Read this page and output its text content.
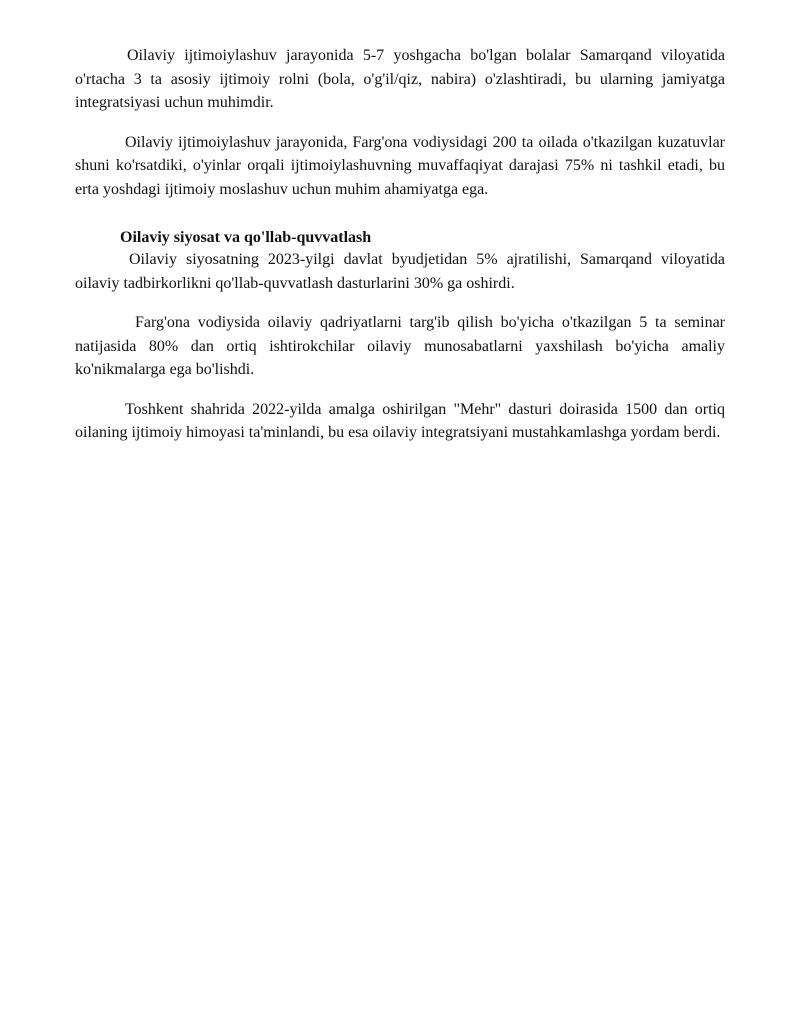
Oilaviy ijtimoiylashuv jarayonida 5-7 yoshgacha bo'lgan bolalar Samarqand viloyatida o'rtacha 3 ta asosiy ijtimoiy rolni (bola, o'g'il/qiz, nabira) o'zlashtiradi, bu ularning jamiyatga integratsiyasi uchun muhimdir.

Oilaviy ijtimoiylashuv jarayonida, Farg'ona vodiysidagi 200 ta oilada o'tkazilgan kuzatuvlar shuni ko'rsatdiki, o'yinlar orqali ijtimoiylashuvning muvaffaqiyat darajasi 75% ni tashkil etadi, bu erta yoshdagi ijtimoiy moslashuv uchun muhim ahamiyatga ega.

Oilaviy siyosat va qo'llab-quvvatlash

Oilaviy siyosatning 2023-yilgi davlat byudjetidan 5% ajratilishi, Samarqand viloyatida oilaviy tadbirkorlikni qo'llab-quvvatlash dasturlarini 30% ga oshirdi.

Farg'ona vodiysida oilaviy qadriyatlarni targ'ib qilish bo'yicha o'tkazilgan 5 ta seminar natijasida 80% dan ortiq ishtirokchilar oilaviy munosabatlarni yaxshilash bo'yicha amaliy ko'nikmalarga ega bo'lishdi.

Toshkent shahrida 2022-yilda amalga oshirilgan "Mehr" dasturi doirasida 1500 dan ortiq oilaning ijtimoiy himoyasi ta'minlandi, bu esa oilaviy integratsiyani mustahkamlashga yordam berdi.
